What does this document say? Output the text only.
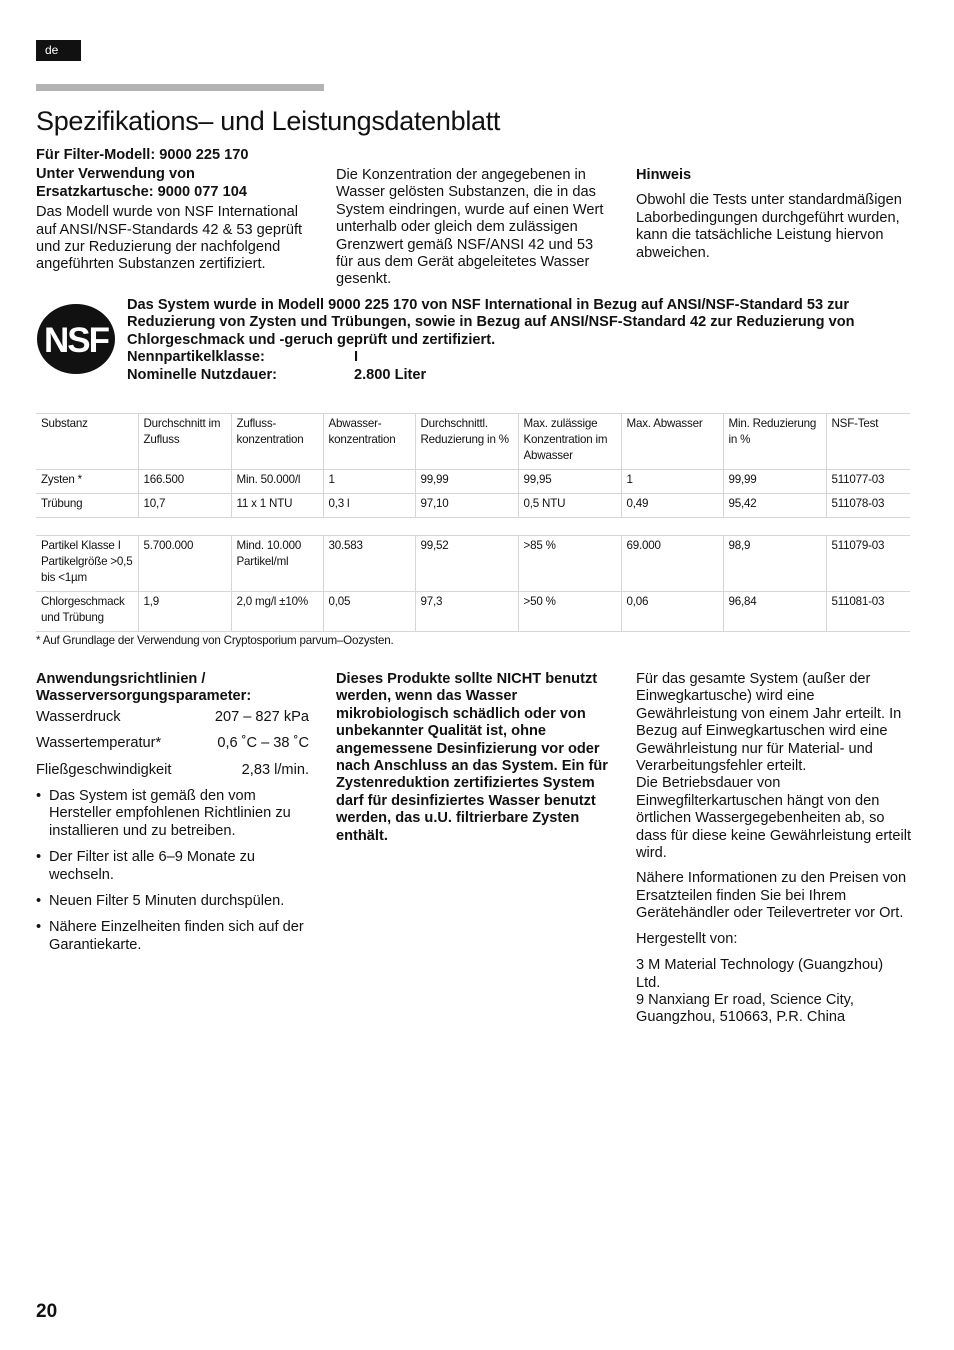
de
Spezifikations– und Leistungsdatenblatt

Für Filter-Modell: 9000 225 170

Unter Verwendung von Ersatzkartusche: 9000 077 104

Das Modell wurde von NSF International auf ANSI/NSF-Standards 42 & 53 geprüft und zur Reduzierung der nachfolgend angeführten Substanzen zertifiziert.

Die Konzentration der angegebenen in Wasser gelösten Substanzen, die in das System eindringen, wurde auf einen Wert unterhalb oder gleich dem zulässigen Grenzwert gemäß NSF/ANSI 42 und 53 für aus dem Gerät abgeleitetes Wasser gesenkt.

Hinweis

Obwohl die Tests unter standardmäßigen Laborbedingungen durchgeführt wurden, kann die tatsächliche Leistung hiervon abweichen.

NSF

Das System wurde in Modell 9000 225 170 von NSF International in Bezug auf ANSI/NSF-Standard 53 zur Reduzierung von Zysten und Trübungen, sowie in Bezug auf ANSI/NSF-Standard 42 zur Reduzierung von Chlorgeschmack und -geruch geprüft und zertifiziert.

Nennpartikelklasse:	I
Nominelle Nutzdauer:	2.800 Liter
Substanz	Durchschnitt im Zufluss	Zufluss-konzentration	Abwasser-konzentration	Durchschnittl. Reduzierung in %	Max. zulässige Konzentration im Abwasser	Max. Abwasser	Min. Reduzierung in %	NSF-Test
Zysten *	166.500	Min. 50.000/l	1	99,99	99,95	1	99,99	511077-03
Trübung	10,7	11 x 1 NTU	0,3 l	97,10	0,5 NTU	0,49	95,42	511078-03

Partikel Klasse I Partikelgröße >0,5 bis <1µm	5.700.000	Mind. 10.000 Partikel/ml	30.583	99,52	>85 %	69.000	98,9	511079-03
Chlorgeschmack und Trübung	1,9	2,0 mg/l ±10%	0,05	97,3	>50 %	0,06	96,84	511081-03
* Auf Grundlage der Verwendung von Cryptosporium parvum–Oozysten.

Anwendungsrichtlinien / Wasserversorgungsparameter:

Wasserdruck	207 – 827 kPa
Wassertemperatur*	0,6 ˚C – 38 ˚C
Fließgeschwindigkeit	2,83 l/min.
• Das System ist gemäß den vom Hersteller empfohlenen Richtlinien zu installieren und zu betreiben.
• Der Filter ist alle 6–9 Monate zu wechseln.
• Neuen Filter 5 Minuten durchspülen.
• Nähere Einzelheiten finden sich auf der Garantiekarte.

Dieses Produkte sollte NICHT benutzt werden, wenn das Wasser mikrobiologisch schädlich oder von unbekannter Qualität ist, ohne angemessene Desinfizierung vor oder nach Anschluss an das System. Ein für Zystenreduktion zertifiziertes System darf für desinfiziertes Wasser benutzt werden, das u.U. filtrierbare Zysten enthält.

Für das gesamte System (außer der Einwegkartusche) wird eine Gewährleistung von einem Jahr erteilt. In Bezug auf Einwegkartuschen wird eine Gewährleistung nur für Material- und Verarbeitungsfehler erteilt.

Die Betriebsdauer von Einwegfilterkartuschen hängt von den örtlichen Wassergegebenheiten ab, so dass für diese keine Gewährleistung erteilt wird.

Nähere Informationen zu den Preisen von Ersatzteilen finden Sie bei Ihrem Gerätehändler oder Teilevertreter vor Ort.

Hergestellt von:

3 M Material Technology (Guangzhou) Ltd.

9 Nanxiang Er road, Science City, Guangzhou, 510663, P.R. China

20
